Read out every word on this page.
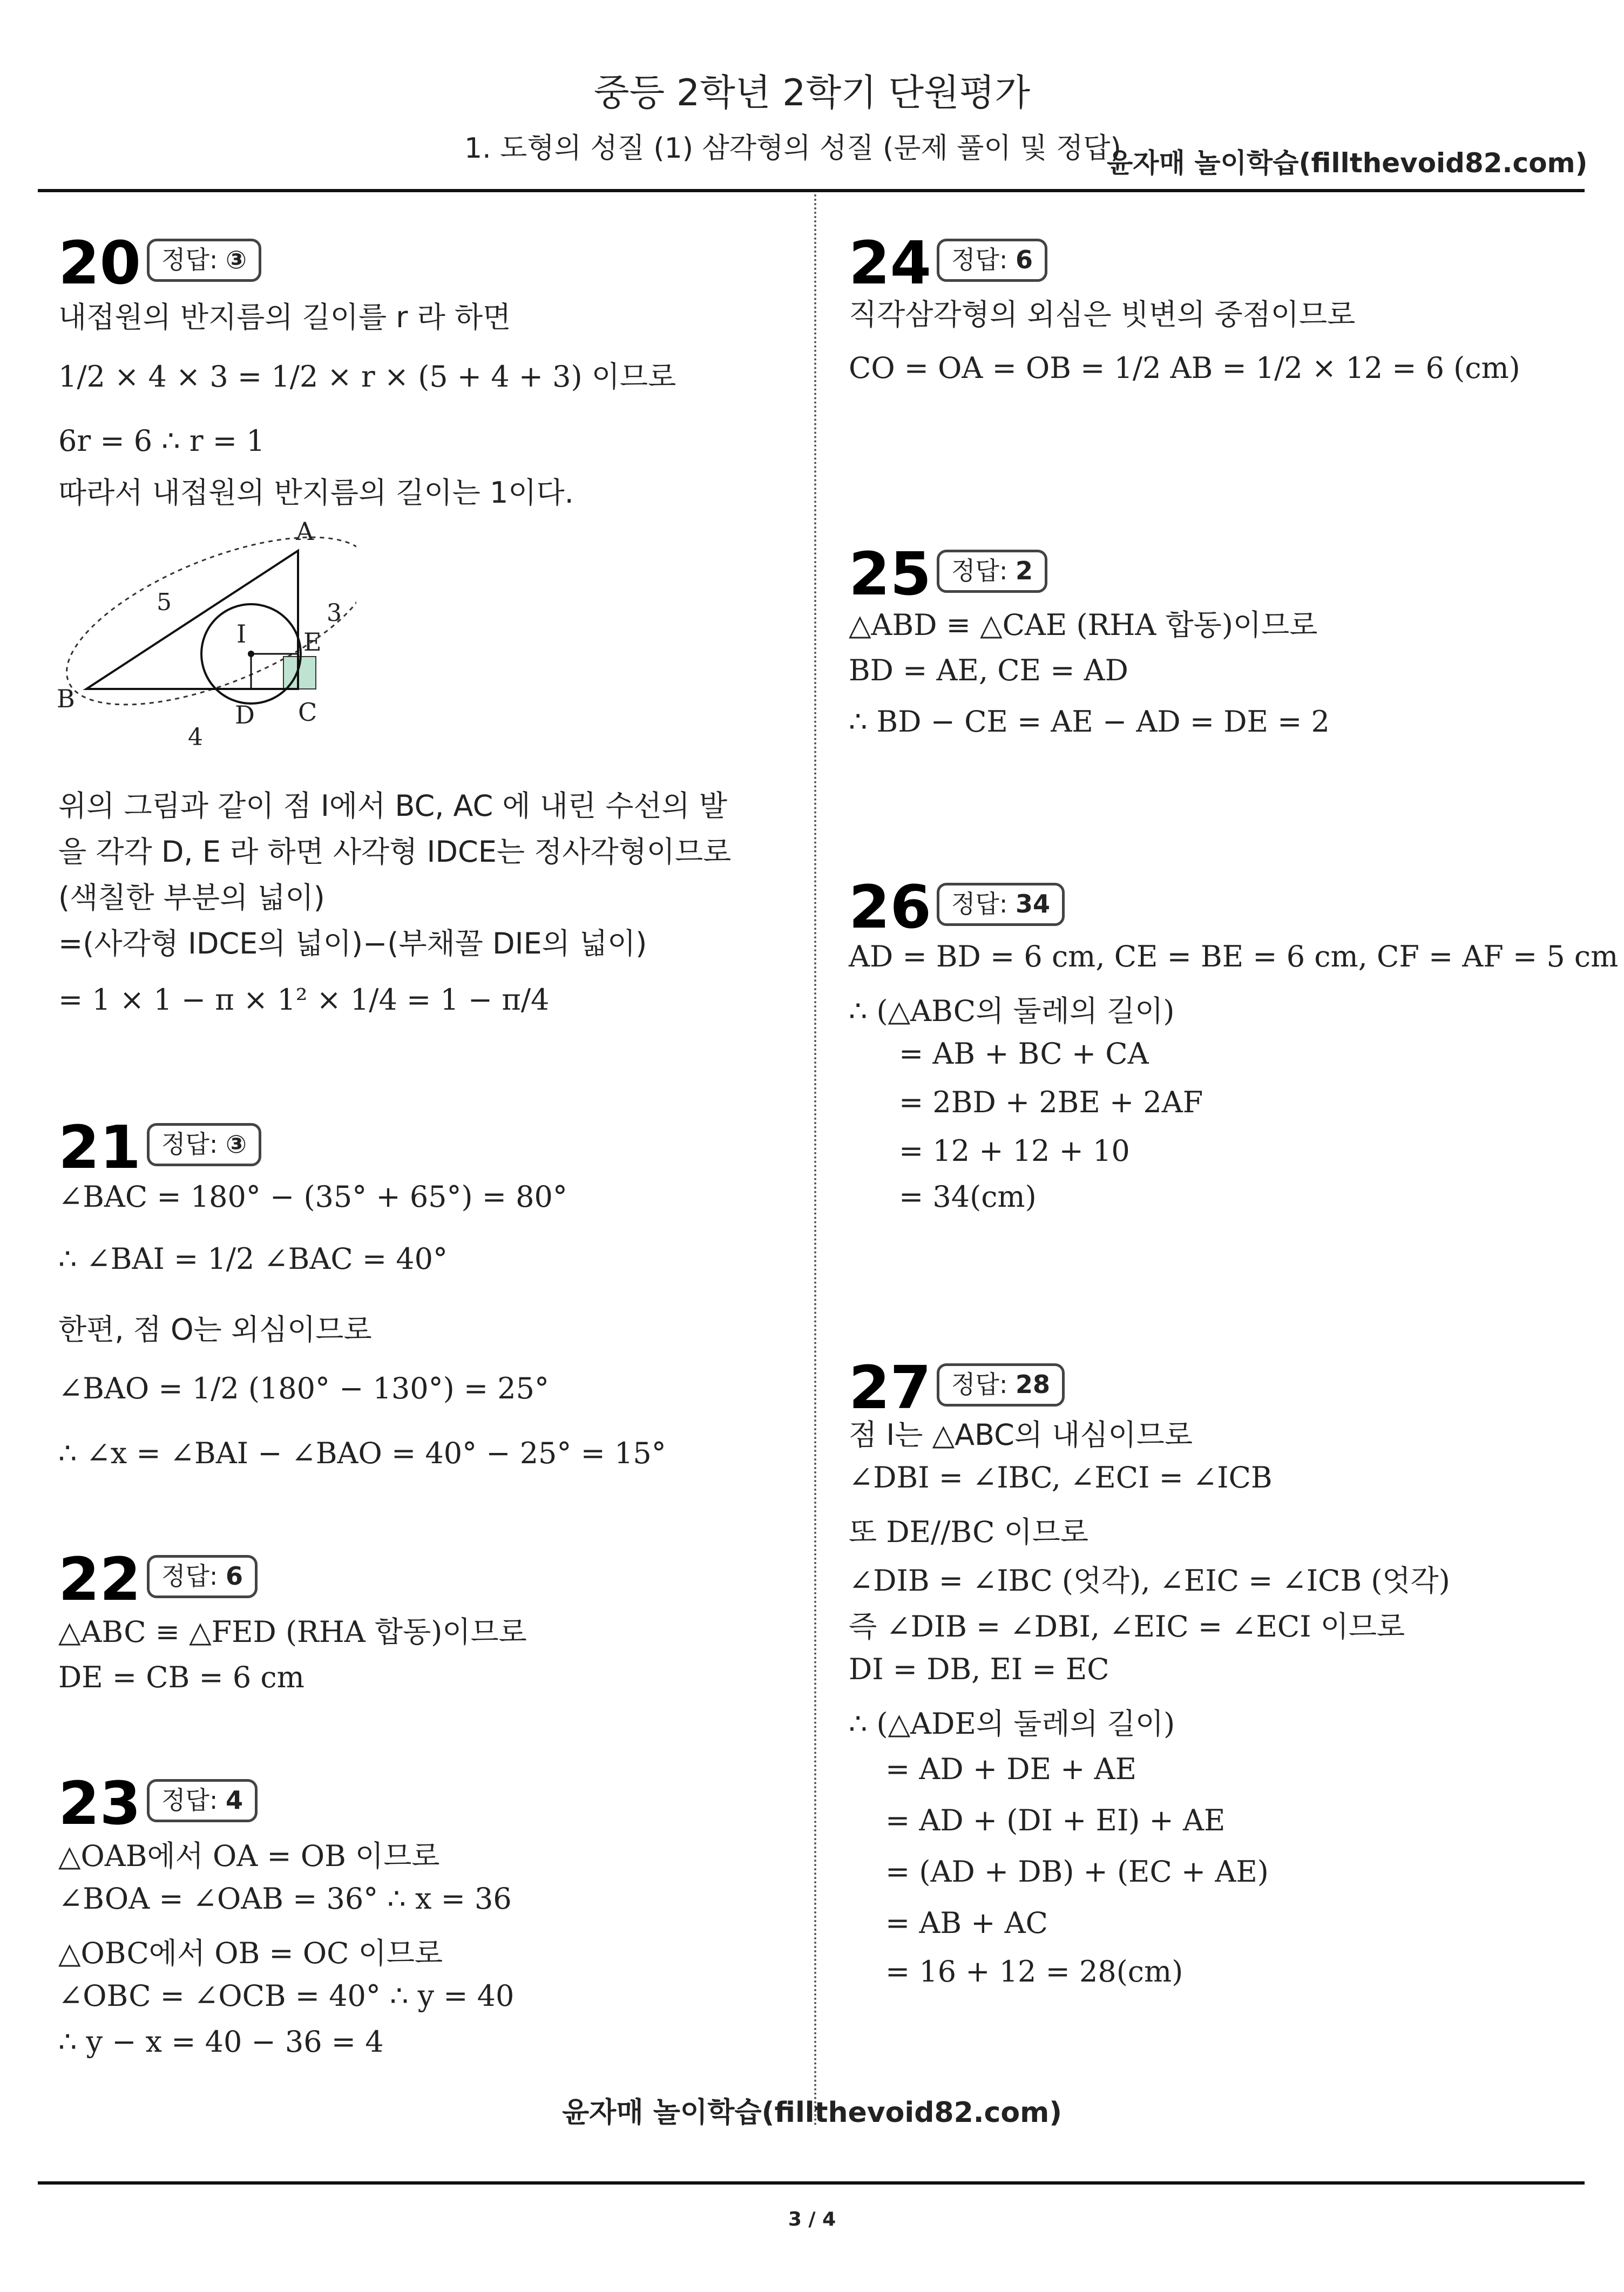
중등 2학년 2학기 단원평가
1. 도형의 성질 (1) 삼각형의 성질 (문제 풀이 및 정답)
윤자매 놀이학습(fillthevoid82.com)
20 정답: ③
내접원의 반지름의 길이를 r 라 하면
1/2 × 4 × 3 = 1/2 × r × (5 + 4 + 3) 이므로
6r = 6 ∴ r = 1
따라서 내접원의 반지름의 길이는 1이다.
A
B	C
D
E
I
5	3
4
위의 그림과 같이 점 I에서 BC, AC 에 내린 수선의 발
을 각각 D, E 라 하면 사각형 IDCE는 정사각형이므로
(색칠한 부분의 넓이)
=(사각형 IDCE의 넓이)−(부채꼴 DIE의 넓이)
= 1 × 1 − π × 1² × 1/4 = 1 − π/4
21 정답: ③
∠BAC = 180° − (35° + 65°) = 80°
∴ ∠BAI = 1/2 ∠BAC = 40°
한편, 점 O는 외심이므로
∠BAO = 1/2 (180° − 130°) = 25°
∴ ∠x = ∠BAI − ∠BAO = 40° − 25° = 15°
22 정답: 6
△ABC ≡ △FED (RHA 합동)이므로
DE = CB = 6 cm
23 정답: 4
△OAB에서 OA = OB 이므로
∠BOA = ∠OAB = 36° ∴ x = 36
△OBC에서 OB = OC 이므로
∠OBC = ∠OCB = 40° ∴ y = 40
∴ y − x = 40 − 36 = 4
24 정답: 6
직각삼각형의 외심은 빗변의 중점이므로
CO = OA = OB = 1/2 AB = 1/2 × 12 = 6 (cm)
25 정답: 2
△ABD ≡ △CAE (RHA 합동)이므로
BD = AE, CE = AD
∴ BD − CE = AE − AD = DE = 2
26 정답: 34
AD = BD = 6 cm, CE = BE = 6 cm, CF = AF = 5 cm
∴ (△ABC의 둘레의 길이)
= AB + BC + CA
= 2BD + 2BE + 2AF
= 12 + 12 + 10
= 34(cm)
27 정답: 28
점 I는 △ABC의 내심이므로
∠DBI = ∠IBC, ∠ECI = ∠ICB
또 DE//BC 이므로
∠DIB = ∠IBC (엇각), ∠EIC = ∠ICB (엇각)
즉 ∠DIB = ∠DBI, ∠EIC = ∠ECI 이므로
DI = DB, EI = EC
∴ (△ADE의 둘레의 길이)
= AD + DE + AE
= AD + (DI + EI) + AE
= (AD + DB) + (EC + AE)
= AB + AC
= 16 + 12 = 28(cm)
윤자매 놀이학습(fillthevoid82.com)
3 / 4
